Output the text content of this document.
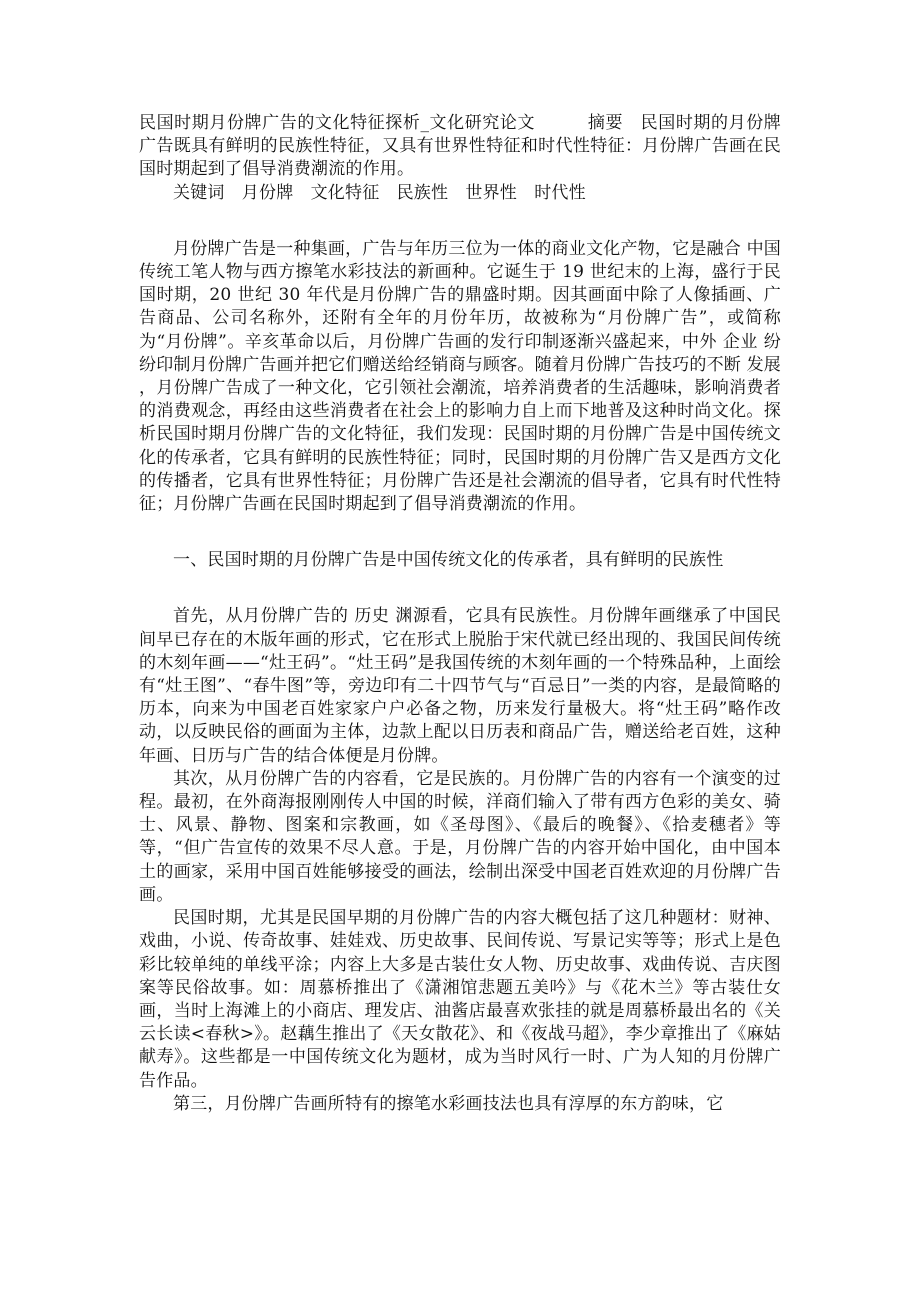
民国时期月份牌广告的文化特征探析_文化研究论文　　　	摘要　 民国时期的月份牌广告既具有鲜明的民族性特征，又具有世界性特征和时代性特征：月份牌广告画在民国时期起到了倡导消费潮流的作用。

关键词　月份牌　文化特征　民族性　世界性　时代性

月份牌广告是一种集画，广告与年历三位为一体的商业文化产物，它是融合 中国 传统工笔人物与西方擦笔水彩技法的新画种。它诞生于 19 世纪末的上海，盛行于民国时期，20 世纪 30 年代是月份牌广告的鼎盛时期。因其画面中除了人像插画、广告商品、公司名称外，还附有全年的月份年历，故被称为“月份牌广告”，或简称为“月份牌”。辛亥革命以后，月份牌广告画的发行印制逐渐兴盛起来，中外 企业 纷纷印制月份牌广告画并把它们赠送给经销商与顾客。随着月份牌广告技巧的不断 发展 ，月份牌广告成了一种文化，它引领社会潮流，培养消费者的生活趣味，影响消费者的消费观念，再经由这些消费者在社会上的影响力自上而下地普及这种时尚文化。探析民国时期月份牌广告的文化特征，我们发现：民国时期的月份牌广告是中国传统文化的传承者，它具有鲜明的民族性特征；同时，民国时期的月份牌广告又是西方文化的传播者，它具有世界性特征；月份牌广告还是社会潮流的倡导者，它具有时代性特征；月份牌广告画在民国时期起到了倡导消费潮流的作用。

一、民国时期的月份牌广告是中国传统文化的传承者，具有鲜明的民族性

首先，从月份牌广告的 历史 渊源看，它具有民族性。月份牌年画继承了中国民间早已存在的木版年画的形式，它在形式上脱胎于宋代就已经出现的、我国民间传统的木刻年画——“灶王码”。“灶王码”是我国传统的木刻年画的一个特殊品种，上面绘有“灶王图”、“春牛图”等，旁边印有二十四节气与“百忌日”一类的内容，是最简略的历本，向来为中国老百姓家家户户必备之物，历来发行量极大。将“灶王码”略作改动，以反映民俗的画面为主体，边款上配以日历表和商品广告，赠送给老百姓，这种年画、日历与广告的结合体便是月份牌。

其次，从月份牌广告的内容看，它是民族的。月份牌广告的内容有一个演变的过程。最初，在外商海报刚刚传人中国的时候，洋商们输入了带有西方色彩的美女、骑士、风景、静物、图案和宗教画，如《圣母图》、《最后的晚餐》、《拾麦穗者》等等，“但广告宣传的效果不尽人意。于是，月份牌广告的内容开始中国化，由中国本土的画家，采用中国百姓能够接受的画法，绘制出深受中国老百姓欢迎的月份牌广告画。

民国时期，尤其是民国早期的月份牌广告的内容大概包括了这几种题材：财神、戏曲，小说、传奇故事、娃娃戏、历史故事、民间传说、写景记实等等；形式上是色彩比较单纯的单线平涂；内容上大多是古装仕女人物、历史故事、戏曲传说、吉庆图案等民俗故事。如：周慕桥推出了《潇湘馆悲题五美吟》与《花木兰》等古装仕女画，当时上海滩上的小商店、理发店、油酱店最喜欢张挂的就是周慕桥最出名的《关云长读<春秋>》。赵藕生推出了《天女散花》、和《夜战马超》，李少章推出了《麻姑献寿》。这些都是一中国传统文化为题材，成为当时风行一时、广为人知的月份牌广告作品。

第三，月份牌广告画所特有的擦笔水彩画技法也具有淳厚的东方韵味，它
